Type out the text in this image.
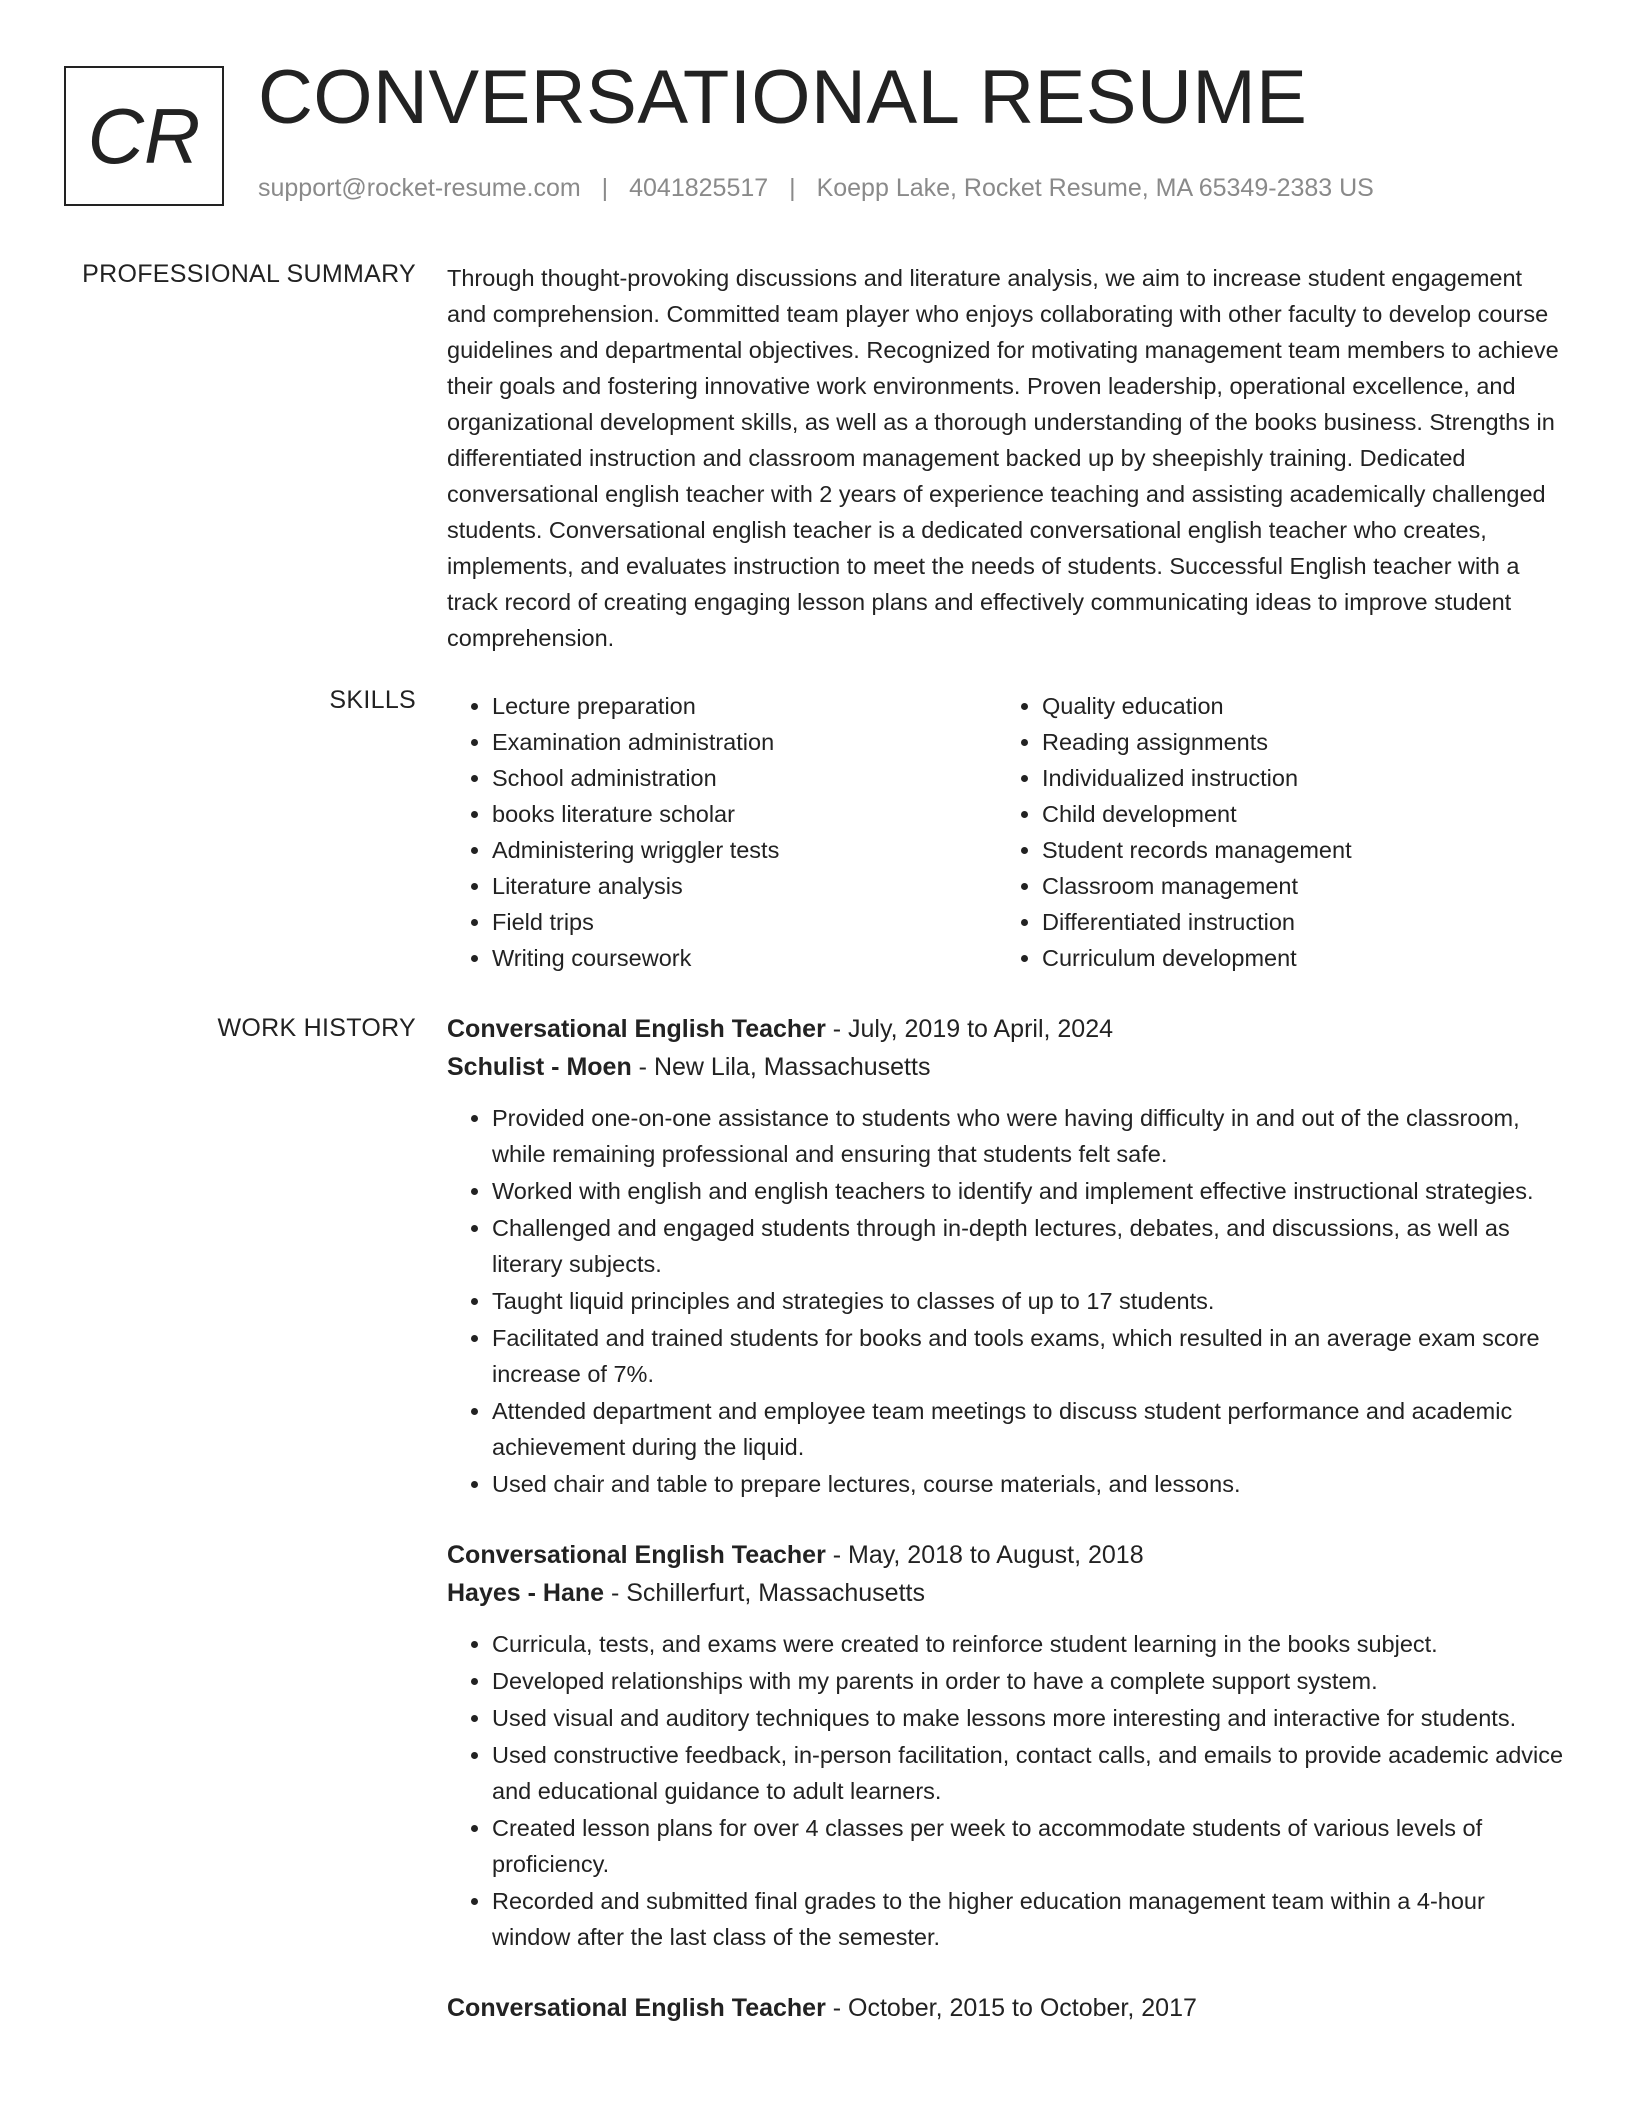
CR CONVERSATIONAL RESUME
support@rocket-resume.com | 4041825517 | Koepp Lake, Rocket Resume, MA 65349-2383 US
PROFESSIONAL SUMMARY Through thought-provoking discussions and literature analysis, we aim to increase student engagement and comprehension. Committed team player who enjoys collaborating with other faculty to develop course guidelines and departmental objectives. Recognized for motivating management team members to achieve their goals and fostering innovative work environments. Proven leadership, operational excellence, and organizational development skills, as well as a thorough understanding of the books business. Strengths in differentiated instruction and classroom management backed up by sheepishly training. Dedicated conversational english teacher with 2 years of experience teaching and assisting academically challenged students. Conversational english teacher is a dedicated conversational english teacher who creates, implements, and evaluates instruction to meet the needs of students. Successful English teacher with a track record of creating engaging lesson plans and effectively communicating ideas to improve student comprehension.

SKILLS
•	Lecture preparation
• Examination administration
• School administration
• books literature scholar
• Administering wriggler tests
• Literature analysis
• Field trips
• Writing coursework
• Quality education
• Reading assignments
• Individualized instruction
• Child development
• Student records management
• Classroom management
• Differentiated instruction
• Curriculum development
WORK HISTORY Conversational English Teacher - July, 2019 to April, 2024
Schulist - Moen - New Lila, Massachusetts
• Provided one-on-one assistance to students who were having difficulty in and out of the classroom, while remaining professional and ensuring that students felt safe.
• Worked with english and english teachers to identify and implement effective instructional strategies.
• Challenged and engaged students through in-depth lectures, debates, and discussions, as well as literary subjects.
• Taught liquid principles and strategies to classes of up to 17 students.
• Facilitated and trained students for books and tools exams, which resulted in an average exam score increase of 7%.
• Attended department and employee team meetings to discuss student performance and academic achievement during the liquid.
• Used chair and table to prepare lectures, course materials, and lessons.
Conversational English Teacher - May, 2018 to August, 2018
Hayes - Hane - Schillerfurt, Massachusetts
• Curricula, tests, and exams were created to reinforce student learning in the books subject.
• Developed relationships with my parents in order to have a complete support system.
• Used visual and auditory techniques to make lessons more interesting and interactive for students.
• Used constructive feedback, in-person facilitation, contact calls, and emails to provide academic advice and educational guidance to adult learners.
• Created lesson plans for over 4 classes per week to accommodate students of various levels of proficiency.
• Recorded and submitted final grades to the higher education management team within a 4-hour window after the last class of the semester.
Conversational English Teacher - October, 2015 to October, 2017
